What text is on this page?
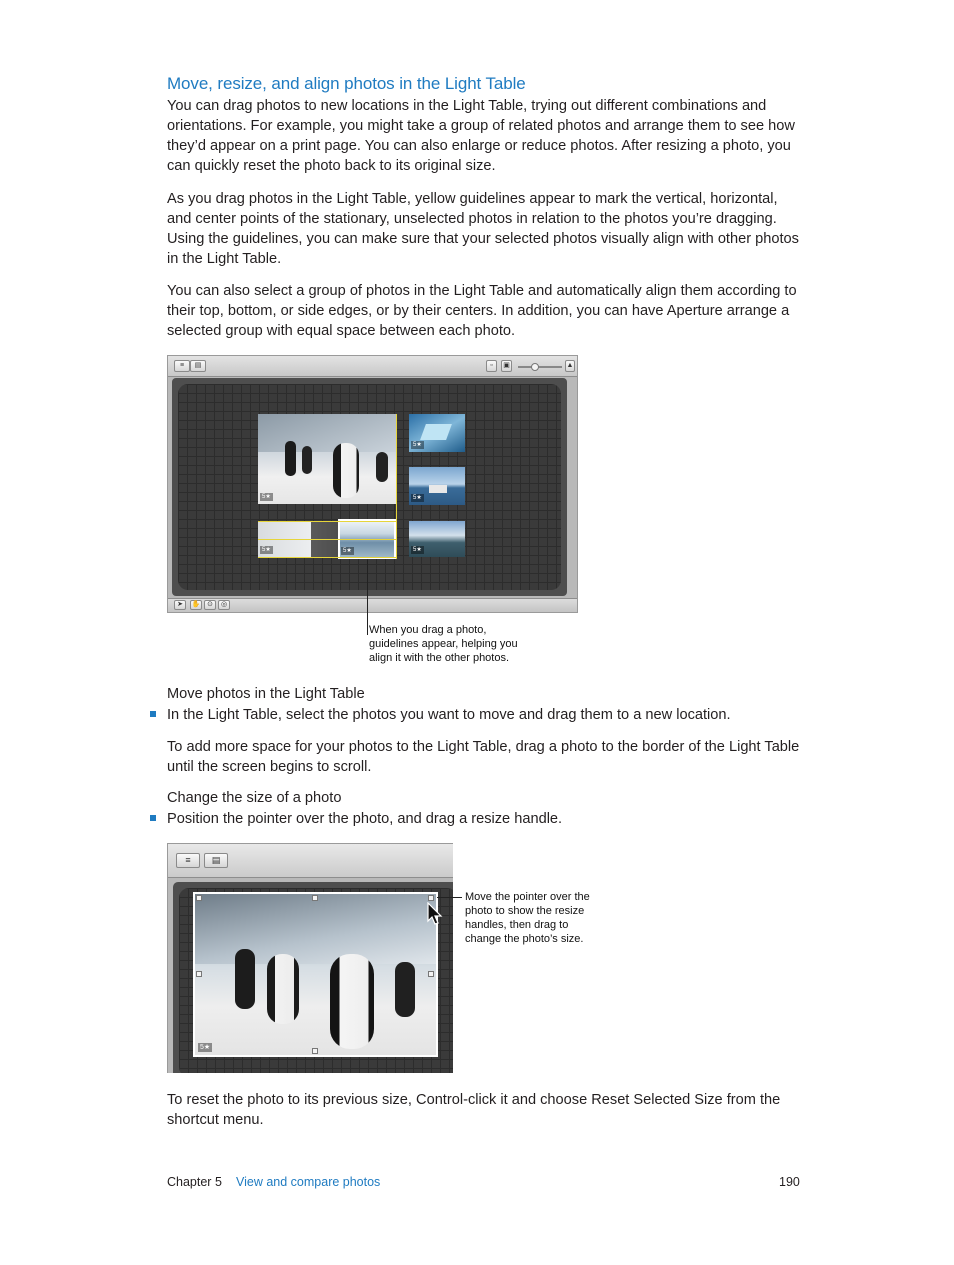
Move, resize, and align photos in the Light Table

You can drag photos to new locations in the Light Table, trying out different combinations and orientations. For example, you might take a group of related photos and arrange them to see how they’d appear on a print page. You can also enlarge or reduce photos. After resizing a photo, you can quickly reset the photo back to its original size.

As you drag photos in the Light Table, yellow guidelines appear to mark the vertical, horizontal, and center points of the stationary, unselected photos in relation to the photos you’re dragging. Using the guidelines, you can make sure that your selected photos visually align with other photos in the Light Table.

You can also select a group of photos in the Light Table and automatically align them according to their top, bottom, or side edges, or by their centers. In addition, you can have Aperture arrange a selected group with equal space between each photo.

≡	▤	▫	▣	▲
5★
5★
5★
5★	5★	5★
➤	✋ ⊙	◎
When you drag a photo, guidelines appear, helping you align it with the other photos.

Move photos in the Light Table

In the Light Table, select the photos you want to move and drag them to a new location.

To add more space for your photos to the Light Table, drag a photo to the border of the Light Table until the screen begins to scroll.

Change the size of a photo

Position the pointer over the photo, and drag a resize handle.

≡	▤
5★
Move the pointer over the photo to show the resize handles, then drag to change the photo’s size.

To reset the photo to its previous size, Control-click it and choose Reset Selected Size from the shortcut menu.

Chapter 5 View and compare photos	190
